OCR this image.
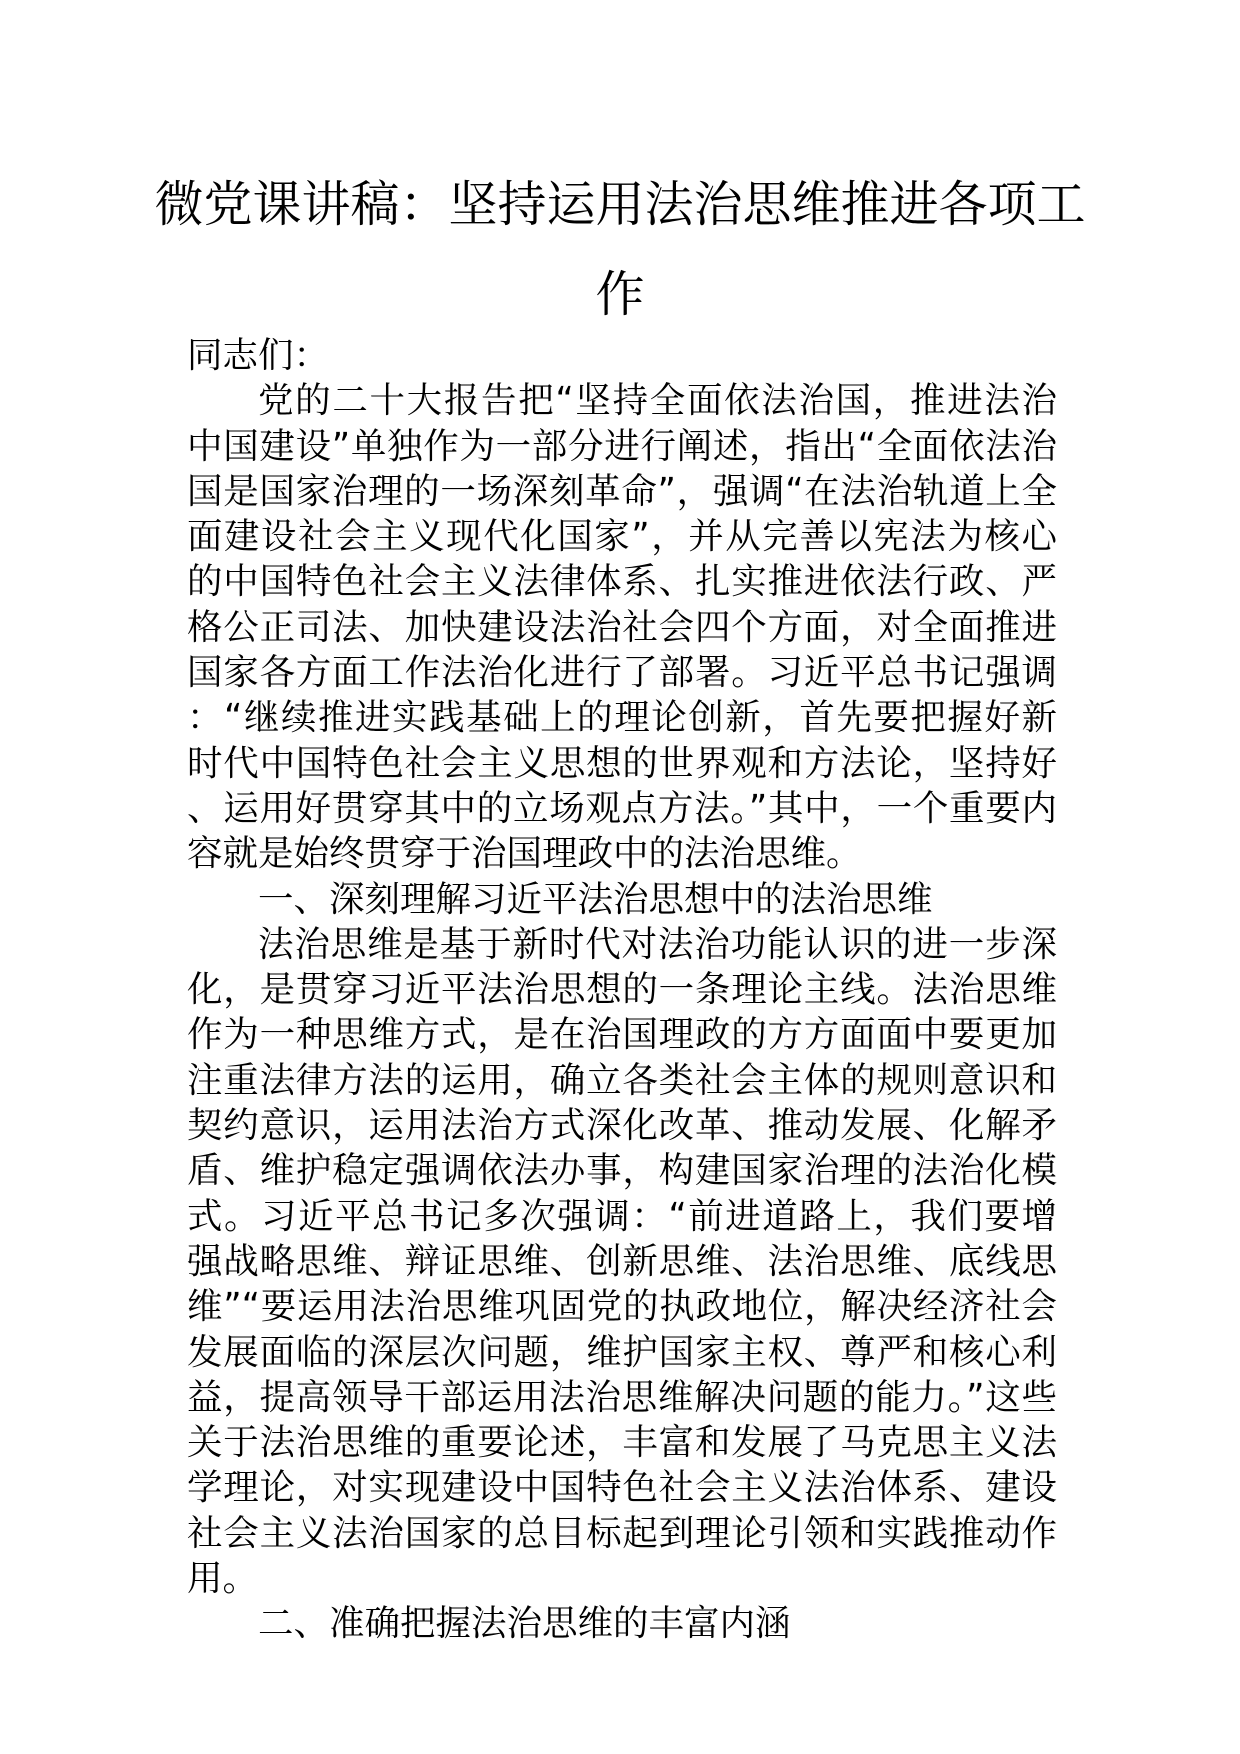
微党课讲稿：坚持运用法治思维推进各项工作

同志们：

党的二十大报告把“坚持全面依法治国，推进法治中国建设”单独作为一部分进行阐述，指出“全面依法治国是国家治理的一场深刻革命”，强调“在法治轨道上全面建设社会主义现代化国家”，并从完善以宪法为核心的中国特色社会主义法律体系、扎实推进依法行政、严格公正司法、加快建设法治社会四个方面，对全面推进国家各方面工作法治化进行了部署。习近平总书记强调：“继续推进实践基础上的理论创新，首先要把握好新时代中国特色社会主义思想的世界观和方法论，坚持好、运用好贯穿其中的立场观点方法。”其中，一个重要内容就是始终贯穿于治国理政中的法治思维。

一、深刻理解习近平法治思想中的法治思维

法治思维是基于新时代对法治功能认识的进一步深化，是贯穿习近平法治思想的一条理论主线。法治思维作为一种思维方式，是在治国理政的方方面面中要更加注重法律方法的运用，确立各类社会主体的规则意识和契约意识，运用法治方式深化改革、推动发展、化解矛盾、维护稳定强调依法办事，构建国家治理的法治化模式。习近平总书记多次强调：“前进道路上，我们要增强战略思维、辩证思维、创新思维、法治思维、底线思维”“要运用法治思维巩固党的执政地位，解决经济社会发展面临的深层次问题，维护国家主权、尊严和核心利益，提高领导干部运用法治思维解决问题的能力。”这些关于法治思维的重要论述，丰富和发展了马克思主义法学理论，对实现建设中国特色社会主义法治体系、建设社会主义法治国家的总目标起到理论引领和实践推动作用。

二、准确把握法治思维的丰富内涵
